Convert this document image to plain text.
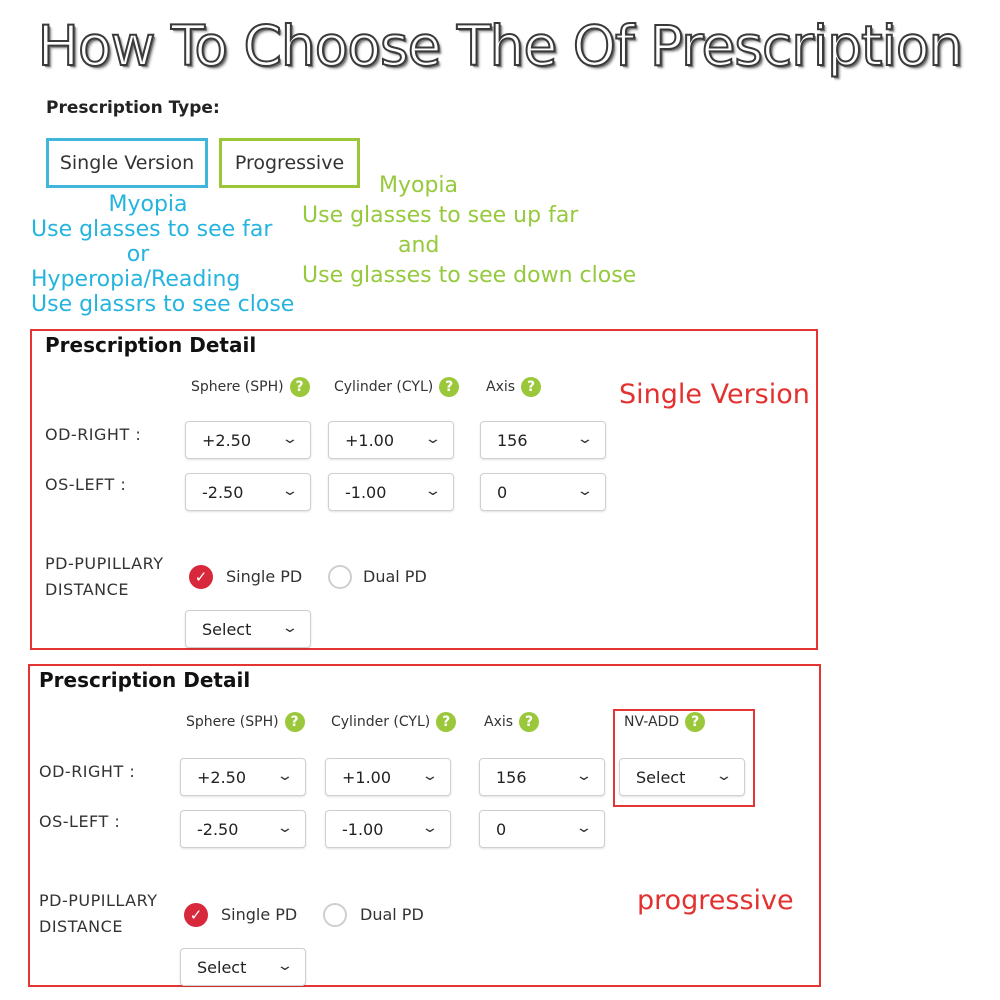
How To Choose The Of Prescription
Prescription Type:
Single Version	Progressive
Myopia
Use glasses to see far
or
Hyperopia/Reading
Use glassrs to see close
Myopia
Use glasses to see up far
and
Use glasses to see down close
Prescription Detail
Sphere (SPH) ?	Cylinder (CYL) ?	Axis ?	Single Version
OD-RIGHT :	+2.50 ⌄	+1.00 ⌄	156	⌄
OS-LEFT :	-2.50	⌄	-1.00	⌄	0	⌄
PD-PUPILLARY
DISTANCE
✓ Single PD	Dual PD
Select ⌄
Prescription Detail
Sphere (SPH) ?	Cylinder (CYL) ?	Axis ?	NV-ADD ?
OD-RIGHT :	+2.50 ⌄	+1.00 ⌄	156	⌄	Select ⌄
OS-LEFT :	-2.50	⌄	-1.00	⌄	0	⌄
progressive
PD-PUPILLARY
DISTANCE
✓ Single PD	Dual PD
Select ⌄
